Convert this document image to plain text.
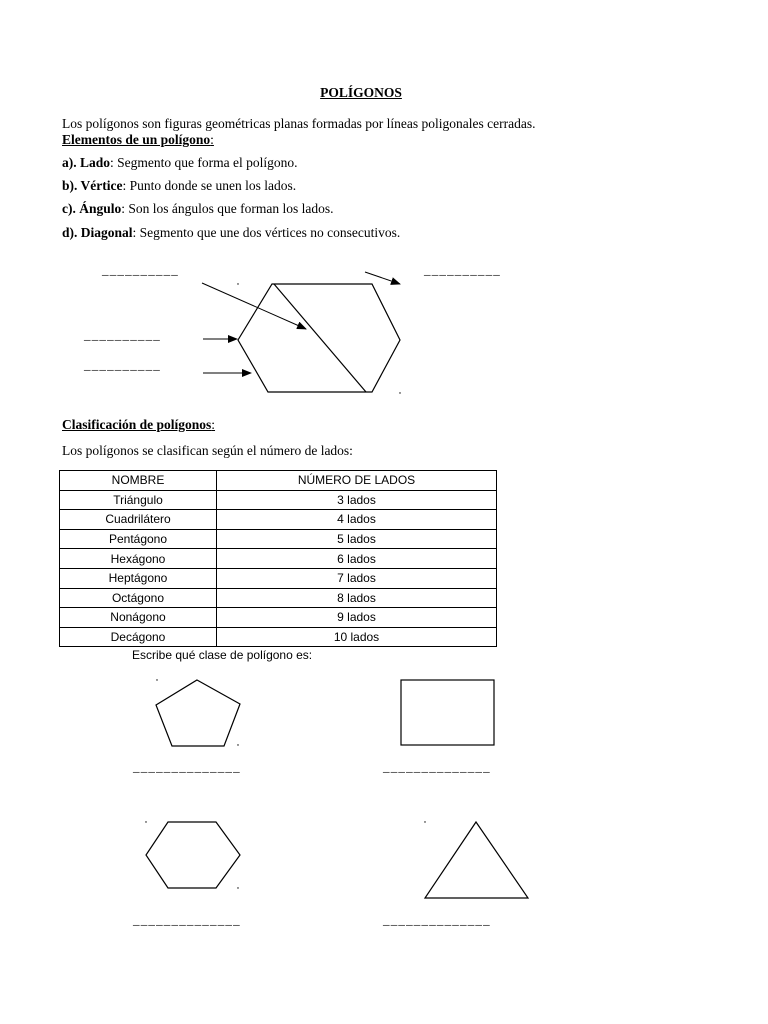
POLÍGONOS
Los polígonos son figuras geométricas planas formadas por líneas poligonales cerradas.
Elementos de un polígono:
a). Lado: Segmento que forma el polígono.
b). Vértice: Punto donde se unen los lados.
c). Ángulo: Son los ángulos que forman los lados.
d). Diagonal: Segmento que une dos vértices no consecutivos.
__________	__________
__________
__________
Clasificación de polígonos:
Los polígonos se clasifican según el número de lados:
NOMBRE	NÚMERO DE LADOS
Triángulo	3 lados
Cuadrilátero	4 lados
Pentágono	5 lados
Hexágono	6 lados
Heptágono	7 lados
Octágono	8 lados
Nonágono	9 lados
Decágono	10 lados
Escribe qué clase de polígono es:
______________	______________
______________	______________
